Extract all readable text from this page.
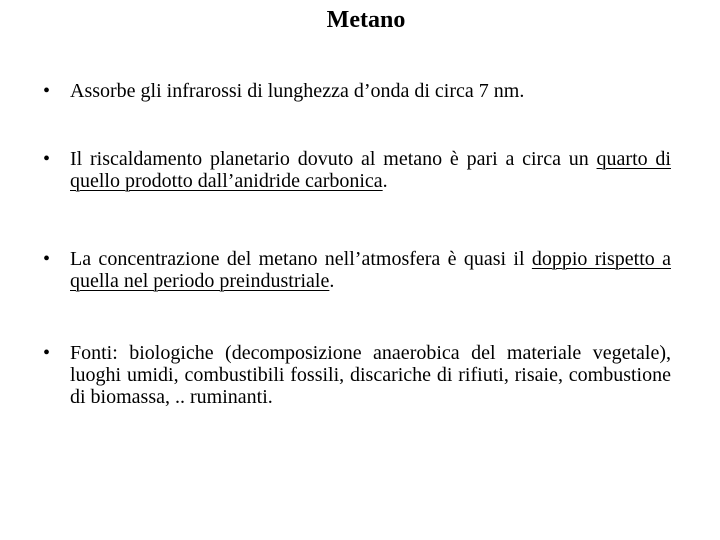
Metano
• Assorbe gli infrarossi di lunghezza d’onda di circa 7 nm.
• Il riscaldamento planetario dovuto al metano è pari a circa un quarto di quello prodotto dall’anidride carbonica.
• La concentrazione del metano nell’atmosfera è quasi il doppio rispetto a quella nel periodo preindustriale.
• Fonti: biologiche (decomposizione anaerobica del materiale vegetale), luoghi umidi, combustibili fossili, discariche di rifiuti, risaie, combustione di biomassa, .. ruminanti.
